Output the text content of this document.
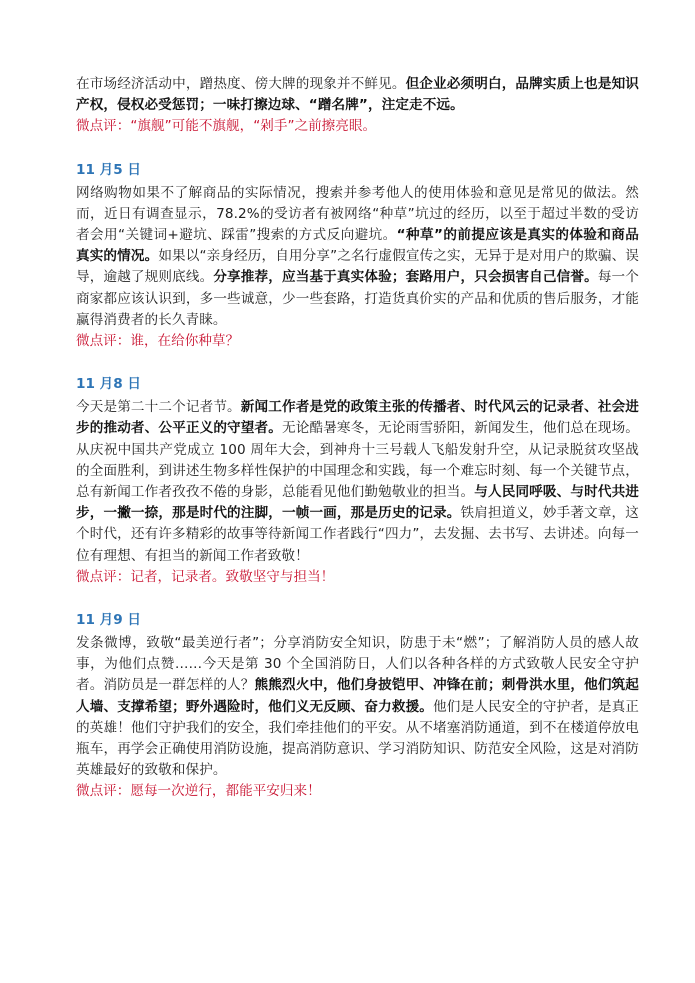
在市场经济活动中，蹭热度、傍大牌的现象并不鲜见。但企业必须明白，品牌实质上也是知识产权，侵权必受惩罚；一味打擦边球、“蹭名牌”，注定走不远。

微点评：“旗舰”可能不旗舰，“剁手”之前擦亮眼。

11 月5 日

网络购物如果不了解商品的实际情况，搜索并参考他人的使用体验和意见是常见的做法。然而，近日有调查显示，78.2%的受访者有被网络“种草”坑过的经历，以至于超过半数的受访者会用“关键词+避坑、踩雷”搜索的方式反向避坑。“种草”的前提应该是真实的体验和商品真实的情况。如果以“亲身经历，自用分享”之名行虚假宣传之实，无异于是对用户的欺骗、误导，逾越了规则底线。分享推荐，应当基于真实体验；套路用户，只会损害自己信誉。每一个商家都应该认识到，多一些诚意，少一些套路，打造货真价实的产品和优质的售后服务，才能赢得消费者的长久青睐。

微点评：谁，在给你种草？

11 月8 日

今天是第二十二个记者节。新闻工作者是党的政策主张的传播者、时代风云的记录者、社会进步的推动者、公平正义的守望者。无论酷暑寒冬，无论雨雪骄阳，新闻发生，他们总在现场。从庆祝中国共产党成立 100 周年大会，到神舟十三号载人飞船发射升空，从记录脱贫攻坚战的全面胜利，到讲述生物多样性保护的中国理念和实践，每一个难忘时刻、每一个关键节点，总有新闻工作者孜孜不倦的身影，总能看见他们勤勉敬业的担当。与人民同呼吸、与时代共进步，一撇一捺，那是时代的注脚，一帧一画，那是历史的记录。铁肩担道义，妙手著文章，这个时代，还有许多精彩的故事等待新闻工作者践行“四力”，去发掘、去书写、去讲述。向每一位有理想、有担当的新闻工作者致敬！

微点评：记者，记录者。致敬坚守与担当！

11 月9 日

发条微博，致敬“最美逆行者”；分享消防安全知识，防患于未“燃”；了解消防人员的感人故事，为他们点赞……今天是第 30 个全国消防日，人们以各种各样的方式致敬人民安全守护者。消防员是一群怎样的人？熊熊烈火中，他们身披铠甲、冲锋在前；刺骨洪水里，他们筑起人墙、支撑希望；野外遇险时，他们义无反顾、奋力救援。他们是人民安全的守护者，是真正的英雄！他们守护我们的安全，我们牵挂他们的平安。从不堵塞消防通道，到不在楼道停放电瓶车，再学会正确使用消防设施，提高消防意识、学习消防知识、防范安全风险，这是对消防英雄最好的致敬和保护。

微点评：愿每一次逆行，都能平安归来！
